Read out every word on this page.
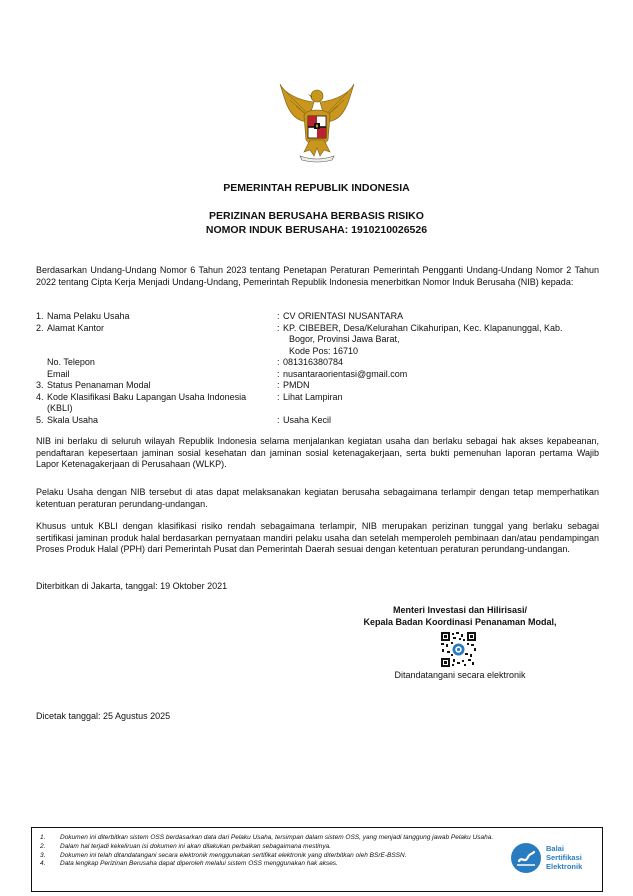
PEMERINTAH REPUBLIK INDONESIA
PERIZINAN BERUSAHA BERBASIS RISIKO
NOMOR INDUK BERUSAHA: 1910210026526
Berdasarkan Undang-Undang Nomor 6 Tahun 2023 tentang Penetapan Peraturan Pemerintah Pengganti Undang-Undang Nomor 2 Tahun 2022 tentang Cipta Kerja Menjadi Undang-Undang, Pemerintah Republik Indonesia menerbitkan Nomor Induk Berusaha (NIB) kepada:
1. Nama Pelaku Usaha	: CV ORIENTASI NUSANTARA
2. Alamat Kantor	: KP. CIBEBER, Desa/Kelurahan Cikahuripan, Kec. Klapanunggal, Kab.
Bogor, Provinsi Jawa Barat,
Kode Pos: 16710
No. Telepon	: 081316380784
Email	: nusantaraorientasi@gmail.com
3. Status Penanaman Modal	: PMDN
4. Kode Klasifikasi Baku Lapangan Usaha Indonesia
(KBLI)
: Lihat Lampiran
5. Skala Usaha	: Usaha Kecil
NIB ini berlaku di seluruh wilayah Republik Indonesia selama menjalankan kegiatan usaha dan berlaku sebagai hak akses kepabeanan, pendaftaran kepesertaan jaminan sosial kesehatan dan jaminan sosial ketenagakerjaan, serta bukti pemenuhan laporan pertama Wajib Lapor Ketenagakerjaan di Perusahaan (WLKP).
Pelaku Usaha dengan NIB tersebut di atas dapat melaksanakan kegiatan berusaha sebagaimana terlampir dengan tetap memperhatikan ketentuan peraturan perundang-undangan.
Khusus untuk KBLI dengan klasifikasi risiko rendah sebagaimana terlampir, NIB merupakan perizinan tunggal yang berlaku sebagai sertifikasi jaminan produk halal berdasarkan pernyataan mandiri pelaku usaha dan setelah memperoleh pembinaan dan/atau pendampingan Proses Produk Halal (PPH) dari Pemerintah Pusat dan Pemerintah Daerah sesuai dengan ketentuan peraturan perundang-undangan.
Diterbitkan di Jakarta, tanggal: 19 Oktober 2021
Menteri Investasi dan Hilirisasi/
Kepala Badan Koordinasi Penanaman Modal,
Ditandatangani secara elektronik
Dicetak tanggal: 25 Agustus 2025
1.	Dokumen ini diterbitkan sistem OSS berdasarkan data dari Pelaku Usaha, tersimpan dalam sistem OSS, yang menjadi tanggung jawab Pelaku Usaha.
2.	Dalam hal terjadi kekeliruan isi dokumen ini akan dilakukan perbaikan sebagaimana mestinya.
3.	Dokumen ini telah ditandatangani secara elektronik menggunakan sertifikat elektronik yang diterbitkan oleh BSrE-BSSN.
4.	Data lengkap Perizinan Berusaha dapat diperoleh melalui sistem OSS menggunakan hak akses.
Balai
Sertifikasi
Elektronik
